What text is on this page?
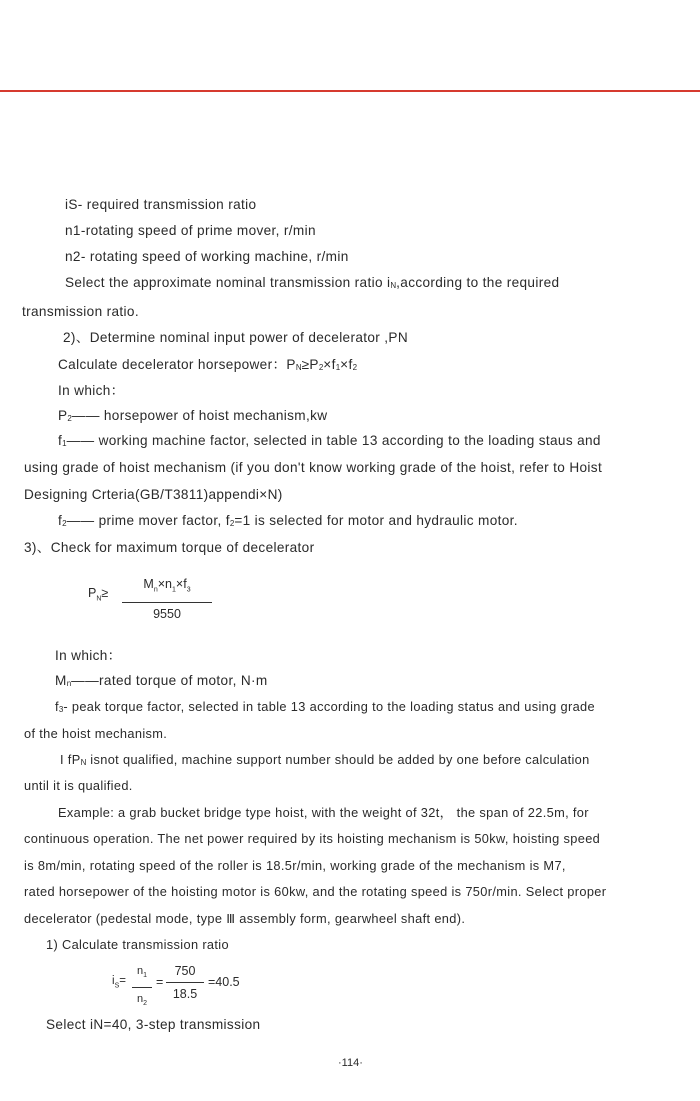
iS- required transmission ratio
n1-rotating speed of prime mover, r/min
n2- rotating speed of working machine, r/min
Select the approximate nominal transmission ratio $i_N,according$ to the required
transmission ratio.
2)、Determine nominal input power of decelerator ,PN
Calculate decelerator horsepower：$P_N\ge P_2\times f_1\times f_2$
In which：
$P_2——$ horsepower of hoist mechanism,kw
$f_1——$ working machine factor, selected in table 13 according to the loading staus and
using grade of hoist mechanism (if you don't know working grade of the hoist, refer to Hoist
Designing Crteria(GB/T3811)appendi×N)
$f_2——$ prime mover factor, $f_2=1$ is selected for motor and hydraulic motor.
3)、Check for maximum torque of decelerator
$P_N\ge$
$M_n\times n_1\times f_3$
9550
In which：
$M_n——rated$ torque of motor, N·m
$f_3-$ peak torque factor, selected in table 13 according to the loading status and using grade
of the hoist mechanism.
I $fP_N$ isnot qualified, machine support number should be added by one before calculation
until it is qualified.
Example: a grab bucket bridge type hoist, with the weight of 32t， the span of 22.5m, for
continuous operation. The net power required by its hoisting mechanism is 50kw, hoisting speed
is 8m/min, rotating speed of the roller is 18.5r/min, working grade of the mechanism is M7,
rated horsepower of the hoisting motor is 60kw, and the rotating speed is 750r/min. Select proper
decelerator (pedestal mode, type Ⅲ assembly form, gearwheel shaft end).
1) Calculate transmission ratio
$i_S=$
$n_1$
$n_2$
=
750
18.5
=40.5
Select iN=40, 3-step transmission
·114·
